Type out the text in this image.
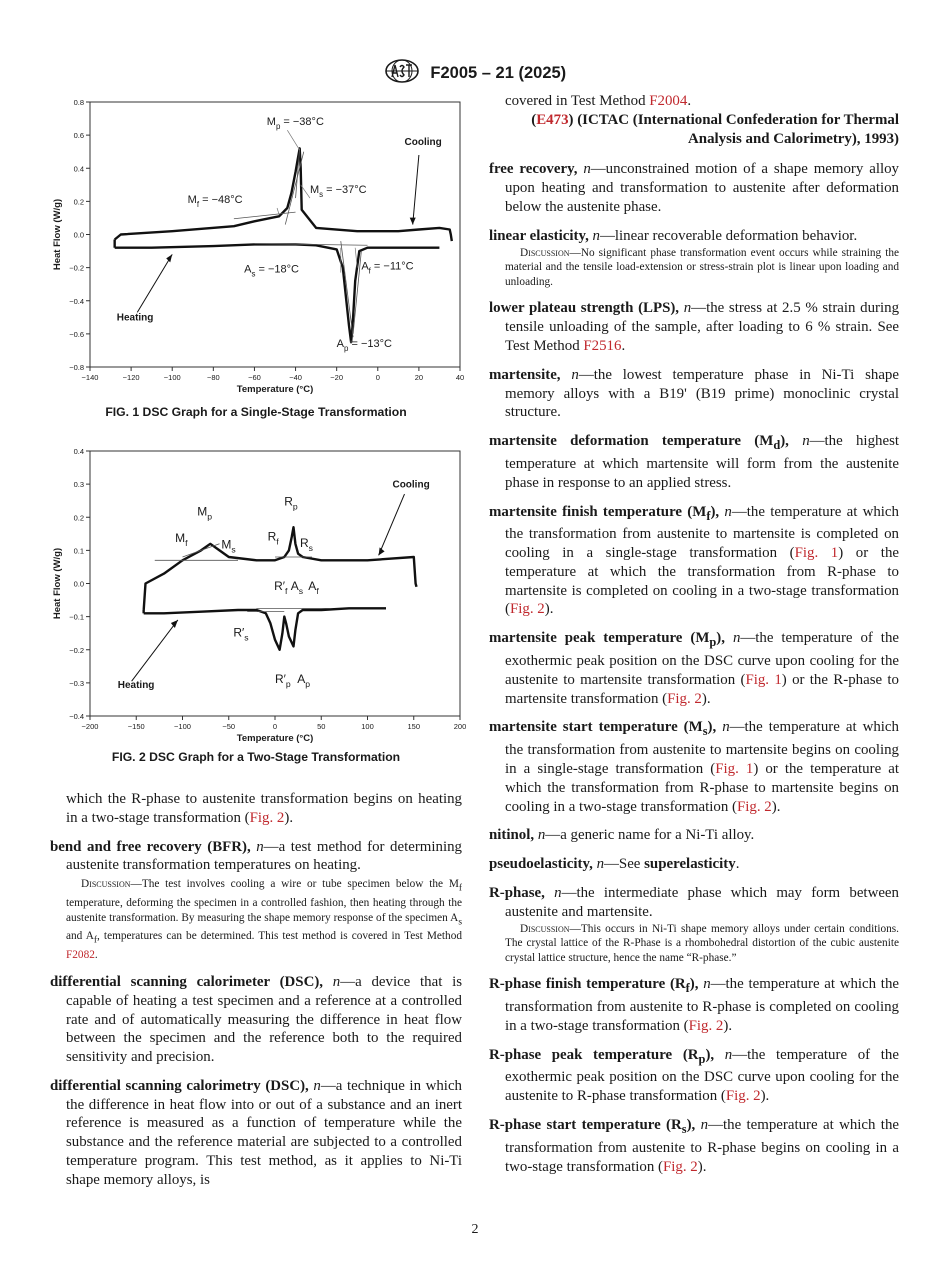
F2005 – 21 (2025)
−140	−120	−100	−80	−60	−40	−20	0	20	40
0.8
0.6
0.4
0.2
0.0
−0.2
−0.4
−0.6
−0.8
Temperature (°C)
Heat Flow (W/g)
$M_p = -38^\circ C$
$M_f = -48^\circ C$
$M_s = -37^\circ C$
$A_s = -18^\circ C$	$A_f = -11^\circ C$
$A_p = -13^\circ C$
Cooling
Heating
FIG. 1 DSC Graph for a Single-Stage Transformation
−200	−150	−100	−50	0	50	100	150	200
0.4
0.3
0.2
0.1
0.0
−0.1
−0.2
−0.3
−0.4
Temperature (°C)
Heat Flow (W/g)
$M_p$
$M_f$	$M_s$
$R_p$
$R_f$ $R_s$
$R'_f$ $A_s$ $A_f$
$R'_s$
$R'_p$ $A_p$
Cooling
Heating
FIG. 2 DSC Graph for a Two-Stage Transformation

which the R-phase to austenite transformation begins on heating in a two-stage transformation (Fig. 2).

bend and free recovery (BFR), n—a test method for determining austenite transformation temperatures on heating.

Discussion—The test involves cooling a wire or tube specimen below the $M_f$ temperature, deforming the specimen in a controlled fashion, then heating through the austenite transformation. By measuring the shape memory response of the specimen $A_s$ and $A_f$, temperatures can be determined. This test method is covered in Test Method F2082.

differential scanning calorimeter (DSC), n—a device that is capable of heating a test specimen and a reference at a controlled rate and of automatically measuring the difference in heat flow between the specimen and the reference both to the required sensitivity and precision.

differential scanning calorimetry (DSC), n—a technique in which the difference in heat flow into or out of a substance and an inert reference is measured as a function of temperature while the substance and the reference material are subjected to a controlled temperature program. This test method, as it applies to Ni-Ti shape memory alloys, is

covered in Test Method F2004.

(E473) (ICTAC (International Confederation for Thermal Analysis and Calorimetry), 1993)

free recovery, n—unconstrained motion of a shape memory alloy upon heating and transformation to austenite after deformation below the austenite phase.

linear elasticity, n—linear recoverable deformation behavior.

Discussion—No significant phase transformation event occurs while straining the material and the tensile load-extension or stress-strain plot is linear upon loading and unloading.

lower plateau strength (LPS), n—the stress at 2.5 % strain during tensile unloading of the sample, after loading to 6 % strain. See Test Method F2516.

martensite, n—the lowest temperature phase in Ni-Ti shape memory alloys with a B19' (B19 prime) monoclinic crystal structure.

martensite deformation temperature $(M_d)$, n—the highest temperature at which martensite will form from the austenite phase in response to an applied stress.

martensite finish temperature $(M_f)$, n—the temperature at which the transformation from austenite to martensite is completed on cooling in a single-stage transformation (Fig. 1) or the temperature at which the transformation from R-phase to martensite is completed on cooling in a two-stage transformation (Fig. 2).

martensite peak temperature $(M_p)$, n—the temperature of the exothermic peak position on the DSC curve upon cooling for the austenite to martensite transformation (Fig. 1) or the R-phase to martensite transformation (Fig. 2).

martensite start temperature $(M_s)$, n—the temperature at which the transformation from austenite to martensite begins on cooling in a single-stage transformation (Fig. 1) or the temperature at which the transformation from R-phase to martensite begins on cooling in a two-stage transformation (Fig. 2).

nitinol, n—a generic name for a Ni-Ti alloy.

pseudoelasticity, n—See superelasticity.

R-phase, n—the intermediate phase which may form between austenite and martensite.

Discussion—This occurs in Ni-Ti shape memory alloys under certain conditions. The crystal lattice of the R-Phase is a rhombohedral distortion of the cubic austenite crystal lattice structure, hence the name “R-phase.”

R-phase finish temperature $(R_f)$, n—the temperature at which the transformation from austenite to R-phase is completed on cooling in a two-stage transformation (Fig. 2).

R-phase peak temperature $(R_p)$, n—the temperature of the exothermic peak position on the DSC curve upon cooling for the austenite to R-phase transformation (Fig. 2).

R-phase start temperature $(R_s)$, n—the temperature at which the transformation from austenite to R-phase begins on cooling in a two-stage transformation (Fig. 2).

2
